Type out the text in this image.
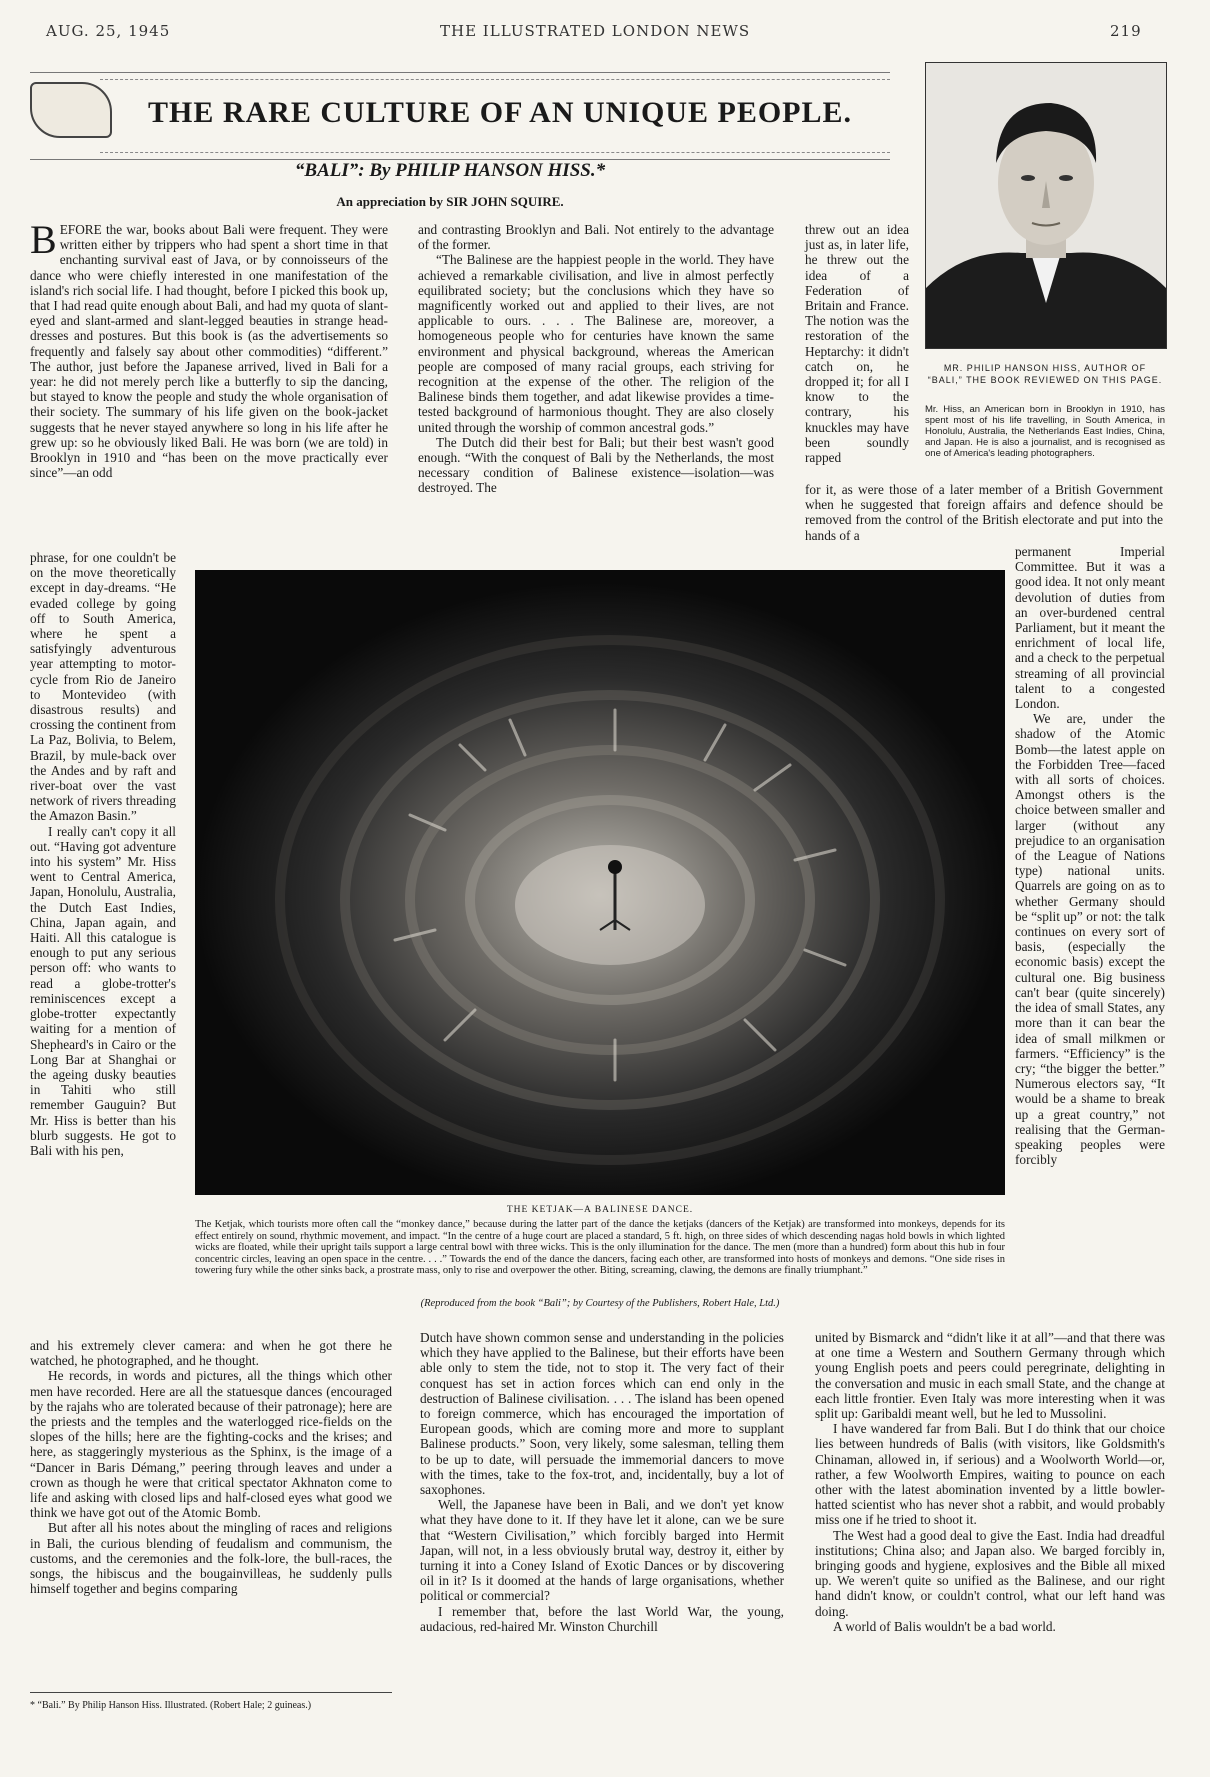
AUG. 25, 1945	THE ILLUSTRATED LONDON NEWS	219
THE RARE CULTURE OF AN UNIQUE PEOPLE.
“BALI”: By PHILIP HANSON HISS.*
An appreciation by SIR JOHN SQUIRE.
MR. PHILIP HANSON HISS, AUTHOR OF “BALI,” THE BOOK REVIEWED ON THIS PAGE.
Mr. Hiss, an American born in Brooklyn in 1910, has spent most of his life travelling, in South America, in Honolulu, Australia, the Netherlands East Indies, China, and Japan. He is also a journalist, and is recognised as one of America's leading photographers.

BEFORE the war, books about Bali were frequent. They were written either by trippers who had spent a short time in that enchanting survival east of Java, or by connoisseurs of the dance who were chiefly interested in one manifestation of the island's rich social life. I had thought, before I picked this book up, that I had read quite enough about Bali, and had my quota of slant-eyed and slant-armed and slant-legged beauties in strange head-dresses and postures. But this book is (as the advertisements so frequently and falsely say about other commodities) “different.” The author, just before the Japanese arrived, lived in Bali for a year: he did not merely perch like a butterfly to sip the dancing, but stayed to know the people and study the whole organisation of their society. The summary of his life given on the book-jacket suggests that he never stayed anywhere so long in his life after he grew up: so he obviously liked Bali. He was born (we are told) in Brooklyn in 1910 and “has been on the move practically ever since”—an odd

phrase, for one couldn't be on the move theoretically except in day-dreams. “He evaded college by going off to South America, where he spent a satisfyingly adventurous year attempting to motor-cycle from Rio de Janeiro to Montevideo (with disastrous results) and crossing the continent from La Paz, Bolivia, to Belem, Brazil, by mule-back over the Andes and by raft and river-boat over the vast network of rivers threading the Amazon Basin.”

I really can't copy it all out. “Having got adventure into his system” Mr. Hiss went to Central America, Japan, Honolulu, Australia, the Dutch East Indies, China, Japan again, and Haiti. All this catalogue is enough to put any serious person off: who wants to read a globe-trotter's reminiscences except a globe-trotter expectantly waiting for a mention of Shepheard's in Cairo or the Long Bar at Shanghai or the ageing dusky beauties in Tahiti who still remember Gauguin? But Mr. Hiss is better than his blurb suggests. He got to Bali with his pen,

and his extremely clever camera: and when he got there he watched, he photographed, and he thought.

He records, in words and pictures, all the things which other men have recorded. Here are all the statuesque dances (encouraged by the rajahs who are tolerated because of their patronage); here are the priests and the temples and the waterlogged rice-fields on the slopes of the hills; here are the fighting-cocks and the krises; and here, as staggeringly mysterious as the Sphinx, is the image of a “Dancer in Baris Démang,” peering through leaves and under a crown as though he were that critical spectator Akhnaton come to life and asking with closed lips and half-closed eyes what good we think we have got out of the Atomic Bomb.

But after all his notes about the mingling of races and religions in Bali, the curious blending of feudalism and communism, the customs, and the ceremonies and the folk-lore, the bull-races, the songs, the hibiscus and the bougainvilleas, he suddenly pulls himself together and begins comparing

and contrasting Brooklyn and Bali. Not entirely to the advantage of the former.

“The Balinese are the happiest people in the world. They have achieved a remarkable civilisation, and live in almost perfectly equilibrated society; but the conclusions which they have so magnificently worked out and applied to their lives, are not applicable to ours. . . . The Balinese are, moreover, a homogeneous people who for centuries have known the same environment and physical background, whereas the American people are composed of many racial groups, each striving for recognition at the expense of the other. The religion of the Balinese binds them together, and adat likewise provides a time-tested background of harmonious thought. They are also closely united through the worship of common ancestral gods.”

The Dutch did their best for Bali; but their best wasn't good enough. “With the conquest of Bali by the Netherlands, the most necessary condition of Balinese existence—isolation—was destroyed. The

Dutch have shown common sense and understanding in the policies which they have applied to the Balinese, but their efforts have been able only to stem the tide, not to stop it. The very fact of their conquest has set in action forces which can end only in the destruction of Balinese civilisation. . . . The island has been opened to foreign commerce, which has encouraged the importation of European goods, which are coming more and more to supplant Balinese products.” Soon, very likely, some salesman, telling them to be up to date, will persuade the immemorial dancers to move with the times, take to the fox-trot, and, incidentally, buy a lot of saxophones.

Well, the Japanese have been in Bali, and we don't yet know what they have done to it. If they have let it alone, can we be sure that “Western Civilisation,” which forcibly barged into Hermit Japan, will not, in a less obviously brutal way, destroy it, either by turning it into a Coney Island of Exotic Dances or by discovering oil in it? Is it doomed at the hands of large organisations, whether political or commercial?

I remember that, before the last World War, the young, audacious, red-haired Mr. Winston Churchill

threw out an idea just as, in later life, he threw out the idea of a Federation of Britain and France. The notion was the restoration of the Heptarchy: it didn't catch on, he dropped it; for all I know to the contrary, his knuckles may have been soundly rapped

for it, as were those of a later member of a British Government when he suggested that foreign affairs and defence should be removed from the control of the British electorate and put into the hands of a

permanent Imperial Committee. But it was a good idea. It not only meant devolution of duties from an over-burdened central Parliament, but it meant the enrichment of local life, and a check to the perpetual streaming of all provincial talent to a congested London.

We are, under the shadow of the Atomic Bomb—the latest apple on the Forbidden Tree—faced with all sorts of choices. Amongst others is the choice between smaller and larger (without any prejudice to an organisation of the League of Nations type) national units. Quarrels are going on as to whether Germany should be “split up” or not: the talk continues on every sort of basis, (especially the economic basis) except the cultural one. Big business can't bear (quite sincerely) the idea of small States, any more than it can bear the idea of small milkmen or farmers. “Efficiency” is the cry; “the bigger the better.” Numerous electors say, “It would be a shame to break up a great country,” not realising that the German-speaking peoples were forcibly

united by Bismarck and “didn't like it at all”—and that there was at one time a Western and Southern Germany through which young English poets and peers could peregrinate, delighting in the conversation and music in each small State, and the change at each little frontier. Even Italy was more interesting when it was split up: Garibaldi meant well, but he led to Mussolini.

I have wandered far from Bali. But I do think that our choice lies between hundreds of Balis (with visitors, like Goldsmith's Chinaman, allowed in, if serious) and a Woolworth World—or, rather, a few Woolworth Empires, waiting to pounce on each other with the latest abomination invented by a little bowler-hatted scientist who has never shot a rabbit, and would probably miss one if he tried to shoot it.

The West had a good deal to give the East. India had dreadful institutions; China also; and Japan also. We barged forcibly in, bringing goods and hygiene, explosives and the Bible all mixed up. We weren't quite so unified as the Balinese, and our right hand didn't know, or couldn't control, what our left hand was doing.

A world of Balis wouldn't be a bad world.

THE KETJAK—A BALINESE DANCE.
The Ketjak, which tourists more often call the “monkey dance,” because during the latter part of the dance the ketjaks (dancers of the Ketjak) are transformed into monkeys, depends for its effect entirely on sound, rhythmic movement, and impact. “In the centre of a huge court are placed a standard, 5 ft. high, on three sides of which descending nagas hold bowls in which lighted wicks are floated, while their upright tails support a large central bowl with three wicks. This is the only illumination for the dance. The men (more than a hundred) form about this hub in four concentric circles, leaving an open space in the centre. . . .” Towards the end of the dance the dancers, facing each other, are transformed into hosts of monkeys and demons. “One side rises in towering fury while the other sinks back, a prostrate mass, only to rise and overpower the other. Biting, screaming, clawing, the demons are finally triumphant.”
(Reproduced from the book “Bali”; by Courtesy of the Publishers, Robert Hale, Ltd.)
* “Bali.” By Philip Hanson Hiss. Illustrated. (Robert Hale; 2 guineas.)
